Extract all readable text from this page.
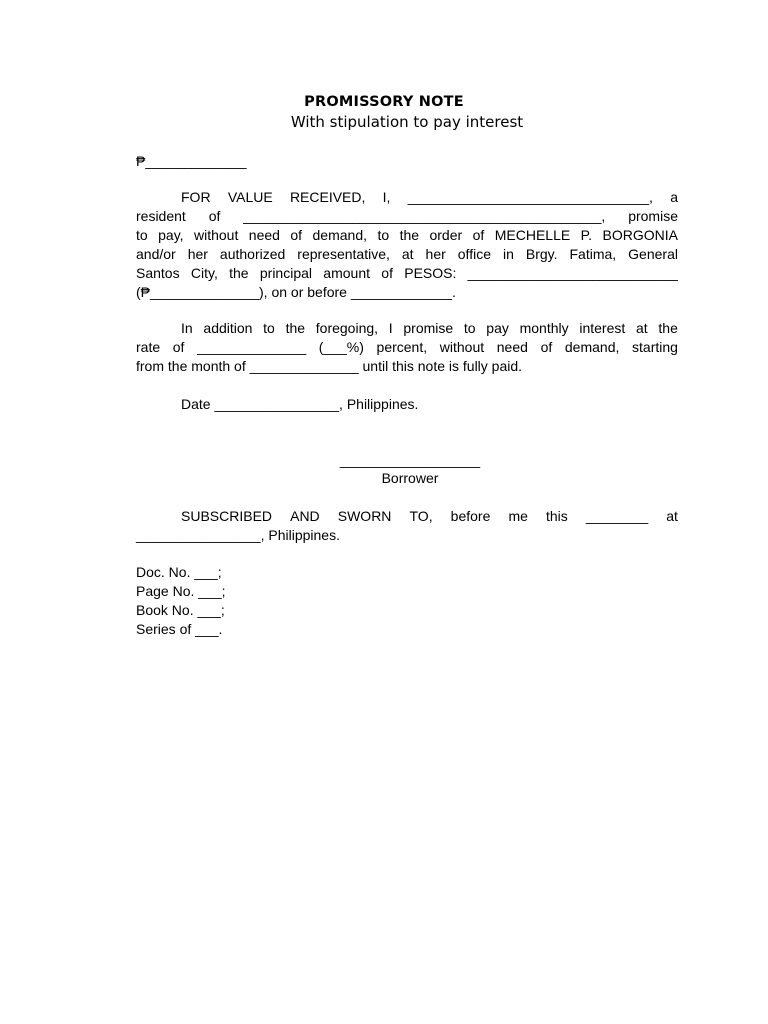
PROMISSORY NOTE
With stipulation to pay interest
₱_____________
FOR VALUE RECEIVED, I, _______________________________, a
resident of ______________________________________________, promise
to pay, without need of demand, to the order of MECHELLE P. BORGONIA
and/or her authorized representative, at her office in Brgy. Fatima, General
Santos City, the principal amount of PESOS: ___________________________
(₱______________), on or before _____________.
In addition to the foregoing, I promise to pay monthly interest at the
rate of ______________ (___%) percent, without need of demand, starting
from the month of ______________ until this note is fully paid.
Date ________________, Philippines.
__________________
Borrower
SUBSCRIBED AND SWORN TO, before me this ________ at
________________, Philippines.
Doc. No. ___;
Page No. ___;
Book No. ___;
Series of ___.
